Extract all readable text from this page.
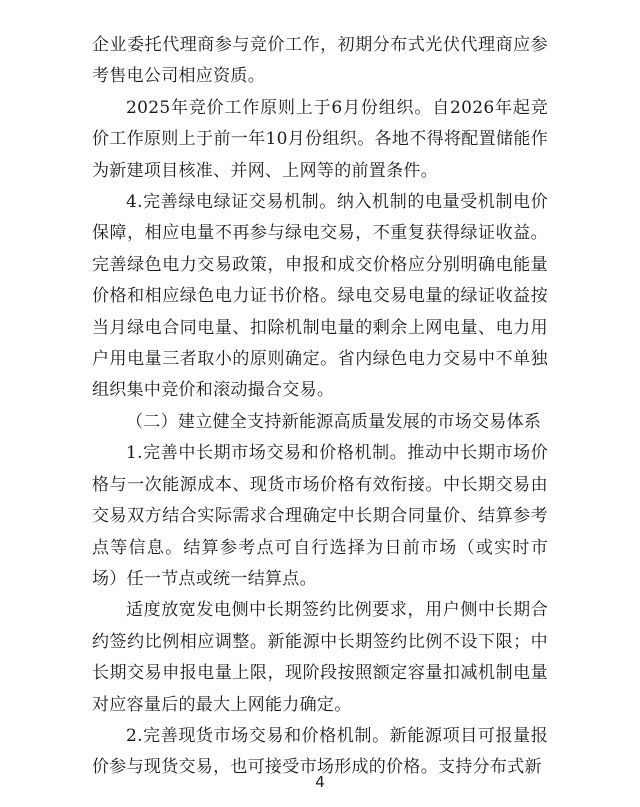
企业委托代理商参与竞价工作，初期分布式光伏代理商应参考售电公司相应资质。

2025年竞价工作原则上于6月份组织。自2026年起竞价工作原则上于前一年10月份组织。各地不得将配置储能作为新建项目核准、并网、上网等的前置条件。

4.完善绿电绿证交易机制。纳入机制的电量受机制电价保障，相应电量不再参与绿电交易，不重复获得绿证收益。完善绿色电力交易政策，申报和成交价格应分别明确电能量价格和相应绿色电力证书价格。绿电交易电量的绿证收益按当月绿电合同电量、扣除机制电量的剩余上网电量、电力用户用电量三者取小的原则确定。省内绿色电力交易中不单独组织集中竞价和滚动撮合交易。

（二）建立健全支持新能源高质量发展的市场交易体系

1.完善中长期市场交易和价格机制。推动中长期市场价格与一次能源成本、现货市场价格有效衔接。中长期交易由交易双方结合实际需求合理确定中长期合同量价、结算参考点等信息。结算参考点可自行选择为日前市场（或实时市场）任一节点或统一结算点。

适度放宽发电侧中长期签约比例要求，用户侧中长期合约签约比例相应调整。新能源中长期签约比例不设下限；中长期交易申报电量上限，现阶段按照额定容量扣减机制电量对应容量后的最大上网能力确定。

2.完善现货市场交易和价格机制。新能源项目可报量报价参与现货交易，也可接受市场形成的价格。支持分布式新

4
